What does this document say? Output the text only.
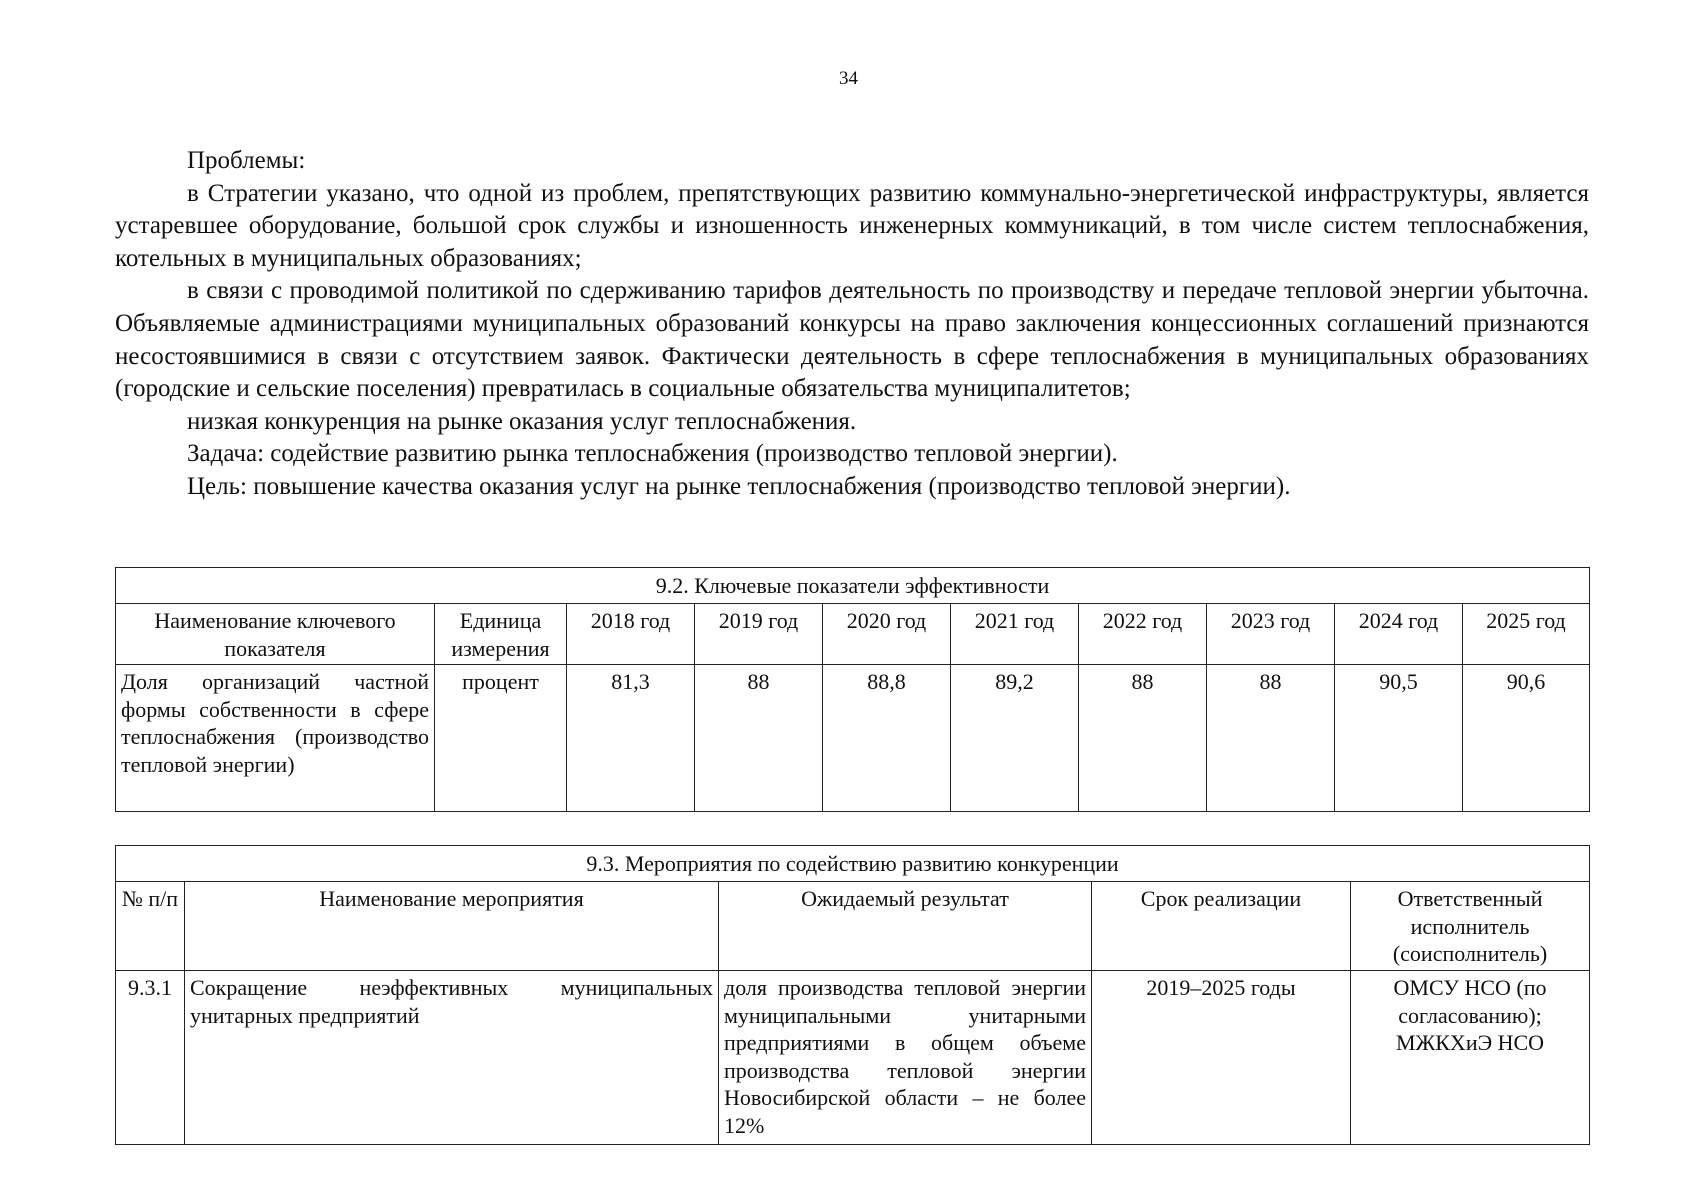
34

Проблемы:

в Стратегии указано, что одной из проблем, препятствующих развитию коммунально-энергетической инфраструктуры, является устаревшее оборудование, большой срок службы и изношенность инженерных коммуникаций, в том числе систем теплоснабжения, котельных в муниципальных образованиях;

в связи с проводимой политикой по сдерживанию тарифов деятельность по производству и передаче тепловой энергии убыточна. Объявляемые администрациями муниципальных образований конкурсы на право заключения концессионных соглашений признаются несостоявшимися в связи с отсутствием заявок. Фактически деятельность в сфере теплоснабжения в муниципальных образованиях (городские и сельские поселения) превратилась в социальные обязательства муниципалитетов;

низкая конкуренция на рынке оказания услуг теплоснабжения.

Задача: содействие развитию рынка теплоснабжения (производство тепловой энергии).

Цель: повышение качества оказания услуг на рынке теплоснабжения (производство тепловой энергии).

9.2. Ключевые показатели эффективности									
Наименование ключевого показателя	Единица измерения	2018 год	2019 год	2020 год	2021 год	2022 год	2023 год	2024 год	2025 год
Доля организаций частной формы собственности в сфере теплоснабжения (производство тепловой энергии)	процент	81,3	88	88,8	89,2	88	88	90,5	90,6
9.3. Мероприятия по содействию развитию конкуренции				
№ п/п	Наименование мероприятия	Ожидаемый результат	Срок реализации	Ответственный исполнитель (соисполнитель)
9.3.1	Сокращение неэффективных муниципальных унитарных предприятий	доля производства тепловой энергии муниципальными унитарными предприятиями в общем объеме производства тепловой энергии Новосибирской области – не более 12%	2019–2025 годы	ОМСУ НСО (по согласованию); МЖКХиЭ НСО
